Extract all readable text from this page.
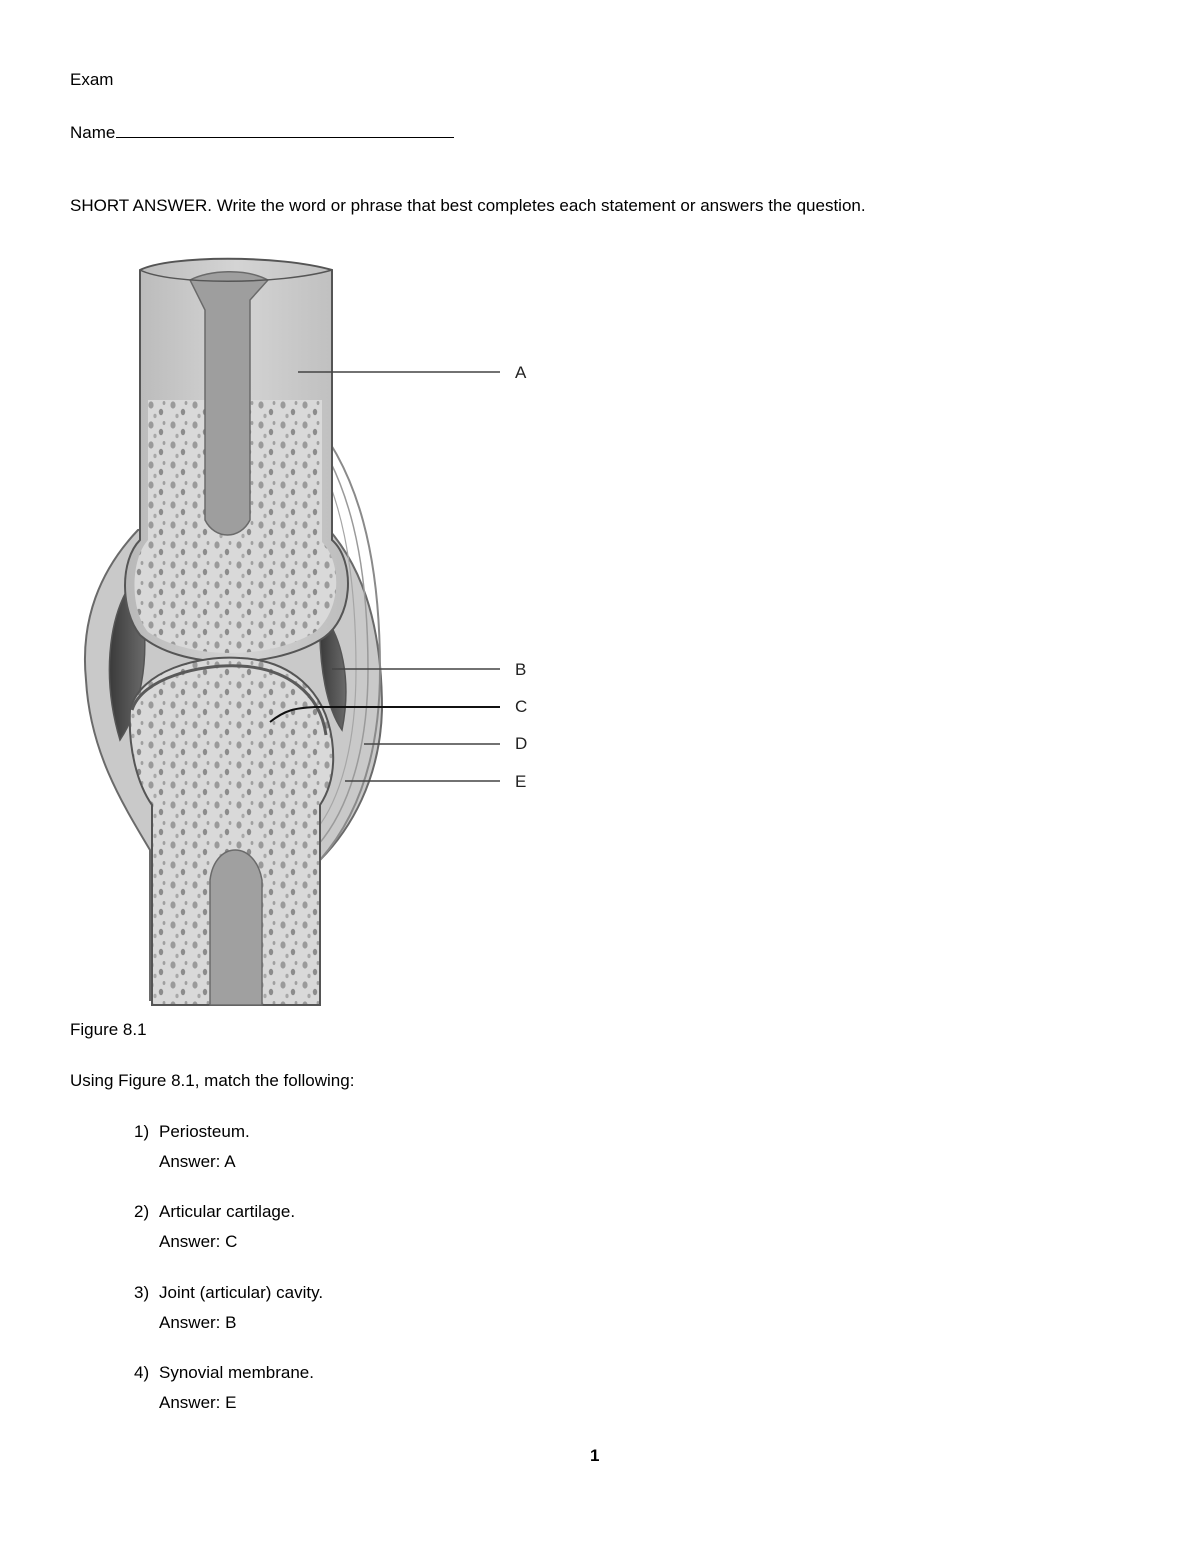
Exam
Name
SHORT ANSWER. Write the word or phrase that best completes each statement or answers the question.
A
B
C
D
E
Figure 8.1
Using Figure 8.1, match the following:
1) Periosteum.
Answer: A
2) Articular cartilage.
Answer: C
3) Joint (articular) cavity.
Answer: B
4) Synovial membrane.
Answer: E
1
